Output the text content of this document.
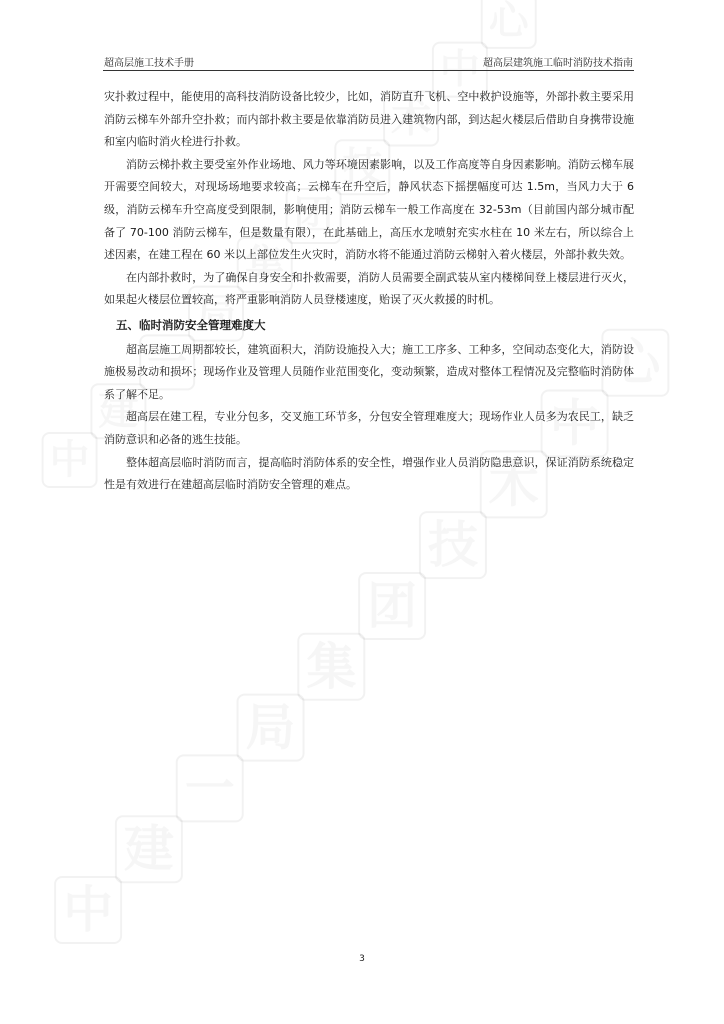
超高层施工技术手册	超高层建筑施工临时消防技术指南

灾扑救过程中，能使用的高科技消防设备比较少，比如，消防直升飞机、空中救护设施等，外部扑救主要采用消防云梯车外部升空扑救；而内部扑救主要是依靠消防员进入建筑物内部，到达起火楼层后借助自身携带设施和室内临时消火栓进行扑救。

消防云梯扑救主要受室外作业场地、风力等环境因素影响，以及工作高度等自身因素影响。消防云梯车展开需要空间较大，对现场场地要求较高；云梯车在升空后，静风状态下摇摆幅度可达 1.5m，当风力大于 6 级，消防云梯车升空高度受到限制，影响使用；消防云梯车一般工作高度在 32-53m（目前国内部分城市配备了 70-100 消防云梯车，但是数量有限），在此基础上，高压水龙喷射充实水柱在 10 米左右，所以综合上述因素，在建工程在 60 米以上部位发生火灾时，消防水将不能通过消防云梯射入着火楼层，外部扑救失效。

在内部扑救时，为了确保自身安全和扑救需要，消防人员需要全副武装从室内楼梯间登上楼层进行灭火，如果起火楼层位置较高，将严重影响消防人员登楼速度，贻误了灭火救援的时机。

五、临时消防安全管理难度大

超高层施工周期都较长，建筑面积大，消防设施投入大；施工工序多、工种多，空间动态变化大，消防设施极易改动和损坏；现场作业及管理人员随作业范围变化，变动频繁，造成对整体工程情况及完整临时消防体系了解不足。

超高层在建工程，专业分包多，交叉施工环节多，分包安全管理难度大；现场作业人员多为农民工，缺乏消防意识和必备的逃生技能。

整体超高层临时消防而言，提高临时消防体系的安全性，增强作业人员消防隐患意识，保证消防系统稳定性是有效进行在建超高层临时消防安全管理的难点。

3
